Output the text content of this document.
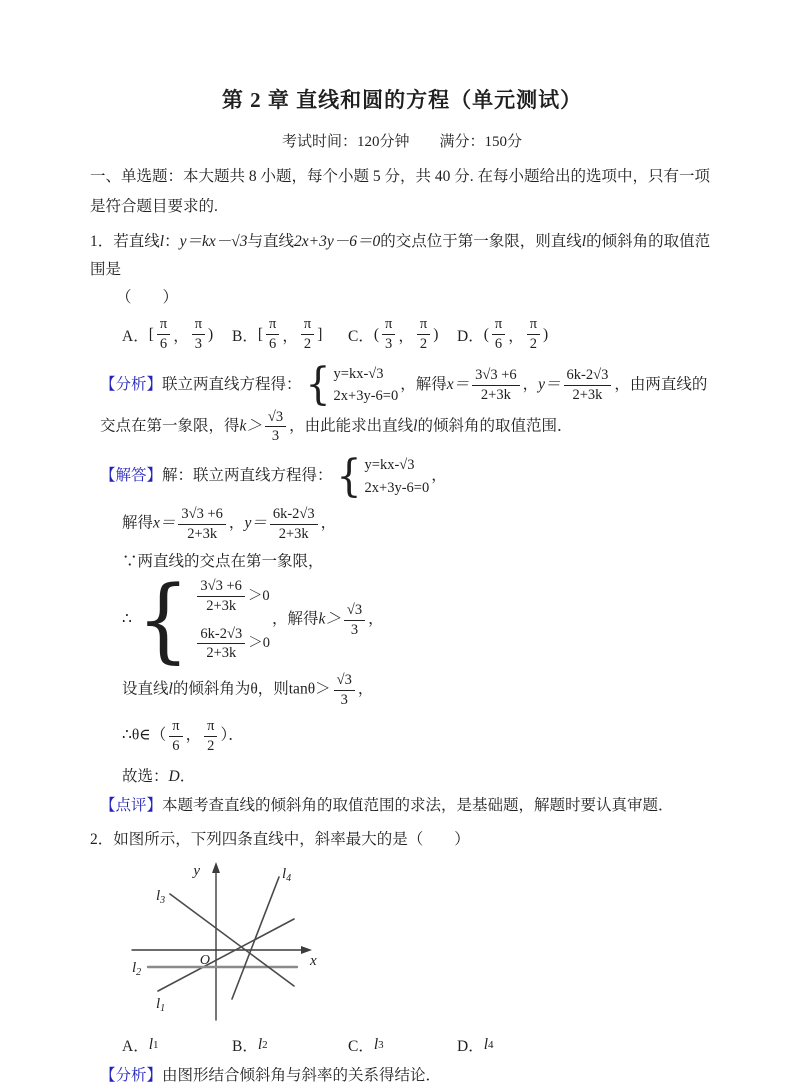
第 2 章 直线和圆的方程（单元测试）
考试时间：120分钟　　满分：150分
一、单选题：本大题共 8 小题，每个小题 5 分，共 40 分. 在每小题给出的选项中，只有一项是符合题目要求的.
1．若直线l：y＝kx－√3与直线2x+3y－6＝0的交点位于第一象限，则直线l的倾斜角的取值范围是
（　　）
A． [ $\frac{\pi}{6}$ ， $\frac{\pi}{3}$ ) B． [ $\frac{\pi}{6}$ ， $\frac{\pi}{2}$ ] C． ( $\frac{\pi}{3}$ ， $\frac{\pi}{2}$ ) D． ( $\frac{\pi}{6}$ ， $\frac{\pi}{2}$ )
【分析】联立两直线方程得： { y=kx-√3
2x+3y-6=0
，解得$x= \frac{3√3 +6}{2+3k}$ ，$y= \frac{6k-2√3}{2+3k}$ ，由两直线的交点在第一象限，得$k> \frac{√3}{3}$ ，由此能求出直线l的倾斜角的取值范围．
【解答】解：联立两直线方程得： { y=kx-√3
2x+3y-6=0
，
解得$x= \frac{3√3 +6}{2+3k}$ ，$y= \frac{6k-2√3}{2+3k}$ ，
∵两直线的交点在第一象限，
∴ { $\frac{3√3 +6}{2+3k} >0$
$\frac{6k-2√3}{2+3k} >0$
，解得$k> \frac{√3}{3}$ ，
设直线l的倾斜角为θ，则$\tan\theta> \frac{√3}{3}$ ，
∴θ∈（ $\frac{\pi}{6}$ ， $\frac{\pi}{2}$ ）．
故选：D．
【点评】本题考查直线的倾斜角的取值范围的求法，是基础题，解题时要认真审题．
2．如图所示，下列四条直线中，斜率最大的是（　　）
y
x
O
$l_1$
$l_2$
$l_3$
$l_4$
A． l 1	B． l 2	C． l 3	D． l 4
【分析】由图形结合倾斜角与斜率的关系得结论．
